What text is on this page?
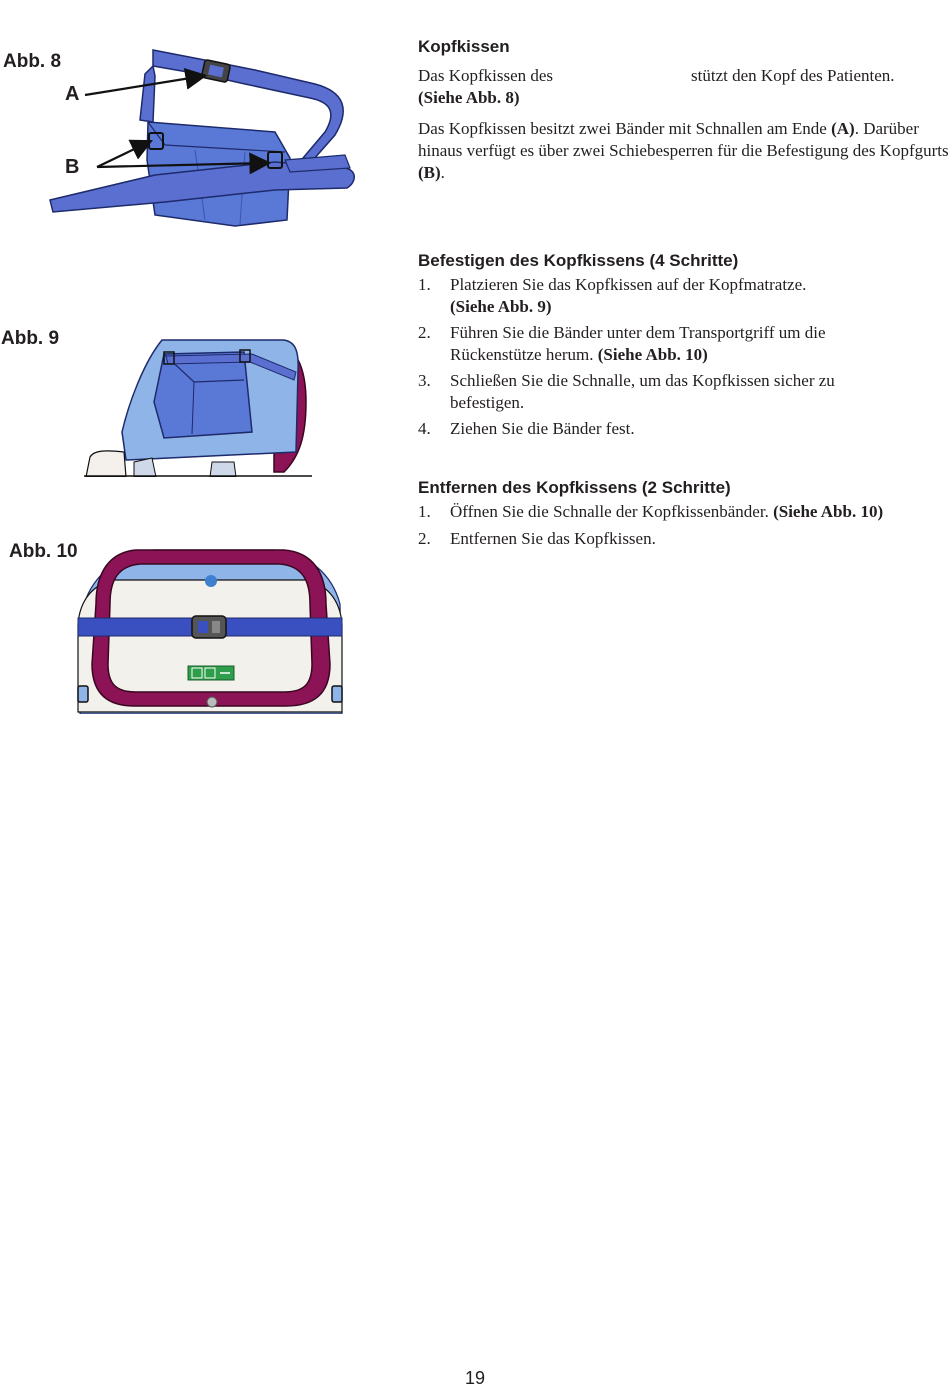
Abb. 8
A
B
Abb. 9
Abb. 10
Kopfkissen

Das Kopfkissen des	stützt den Kopf des Patienten.
(Siehe Abb. 8)

Das Kopfkissen besitzt zwei Bänder mit Schnallen am Ende (A). Darüber hinaus verfügt es über zwei Schiebesperren für die Befestigung des Kopfgurts (B).

Befestigen des Kopfkissens (4 Schritte)
1. Platzieren Sie das Kopfkissen auf der Kopfmatratze.
(Siehe Abb. 9)
2. Führen Sie die Bänder unter dem Transportgriff um die Rückenstütze herum. (Siehe Abb. 10)
3. Schließen Sie die Schnalle, um das Kopfkissen sicher zu befestigen.
4. Ziehen Sie die Bänder fest.
Entfernen des Kopfkissens (2 Schritte)
1. Öffnen Sie die Schnalle der Kopfkissenbänder. (Siehe Abb. 10)
2. Entfernen Sie das Kopfkissen.
19
